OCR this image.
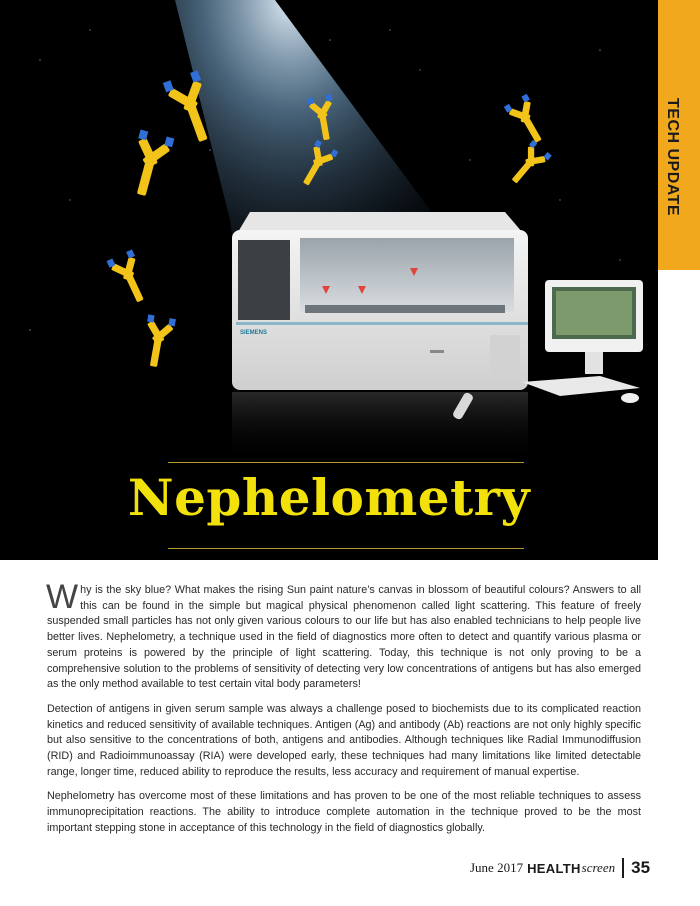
SIEMENS
TECH UPDATE
Nephelometry

Why is the sky blue? What makes the rising Sun paint nature’s canvas in blossom of beautiful colours? Answers to all this can be found in the simple but magical physical phenomenon called light scattering. This feature of freely suspended small particles has not only given various colours to our life but has also enabled technicians to help people live better lives. Nephelometry, a technique used in the field of diagnostics more often to detect and quantify various plasma or serum proteins is powered by the principle of light scattering. Today, this technique is not only proving to be a comprehensive solution to the problems of sensitivity of detecting very low concentrations of antigens but has also emerged as the only method available to test certain vital body parameters!

Detection of antigens in given serum sample was always a challenge posed to biochemists due to its complicated reaction kinetics and reduced sensitivity of available techniques. Antigen (Ag) and antibody (Ab) reactions are not only highly specific but also sensitive to the concentrations of both, antigens and antibodies. Although techniques like Radial Immunodiffusion (RID) and Radioimmunoassay (RIA) were developed early, these techniques had many limitations like limited detectable range, longer time, reduced ability to reproduce the results, less accuracy and requirement of manual expertise.

Nephelometry has overcome most of these limitations and has proven to be one of the most reliable techniques to assess immunoprecipitation reactions. The ability to introduce complete automation in the technique proved to be the most important stepping stone in acceptance of this technology in the field of diagnostics globally.

June 2017 HEALTH screen 35
